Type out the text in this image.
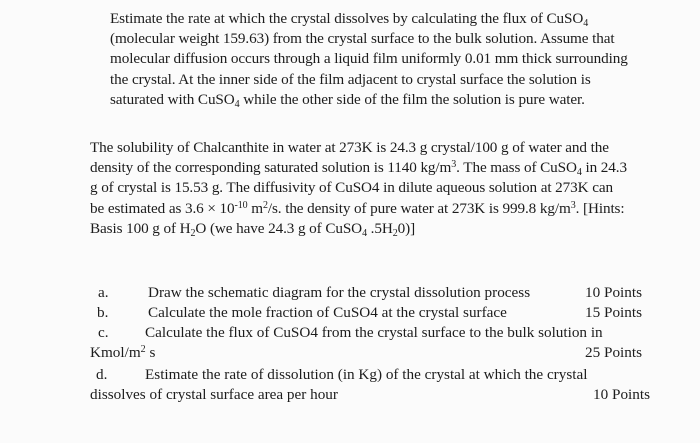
Estimate the rate at which the crystal dissolves by calculating the flux of CuSO$_4$
(molecular weight 159.63) from the crystal surface to the bulk solution. Assume that
molecular diffusion occurs through a liquid film uniformly 0.01 mm thick surrounding
the crystal. At the inner side of the film adjacent to crystal surface the solution is
saturated with CuSO$_4$ while the other side of the film the solution is pure water.
The solubility of Chalcanthite in water at 273K is 24.3 g crystal/100 g of water and the
density of the corresponding saturated solution is 1140 $kg/m^3$. The mass of CuSO$_4$ in 24.3
g of crystal is 15.53 g. The diffusivity of CuSO4 in dilute aqueous solution at 273K can
be estimated as $3.6 \times 10^{-10}$ $m^2/s$. the density of pure water at 273K is 999.8 $kg/m^3$. [Hints:
Basis 100 g of $H_2O$ (we have 24.3 g of CuSO$_4$ $.5H_20$)]
a.	Draw the schematic diagram for the crystal dissolution process	10 Points
b.	Calculate the mole fraction of CuSO4 at the crystal surface	15 Points
c. Calculate the flux of CuSO4 from the crystal surface to the bulk solution in
Kmol/$m^2$ s	25 Points
d. Estimate the rate of dissolution (in Kg) of the crystal at which the crystal
dissolves of crystal surface area per hour	10 Points
